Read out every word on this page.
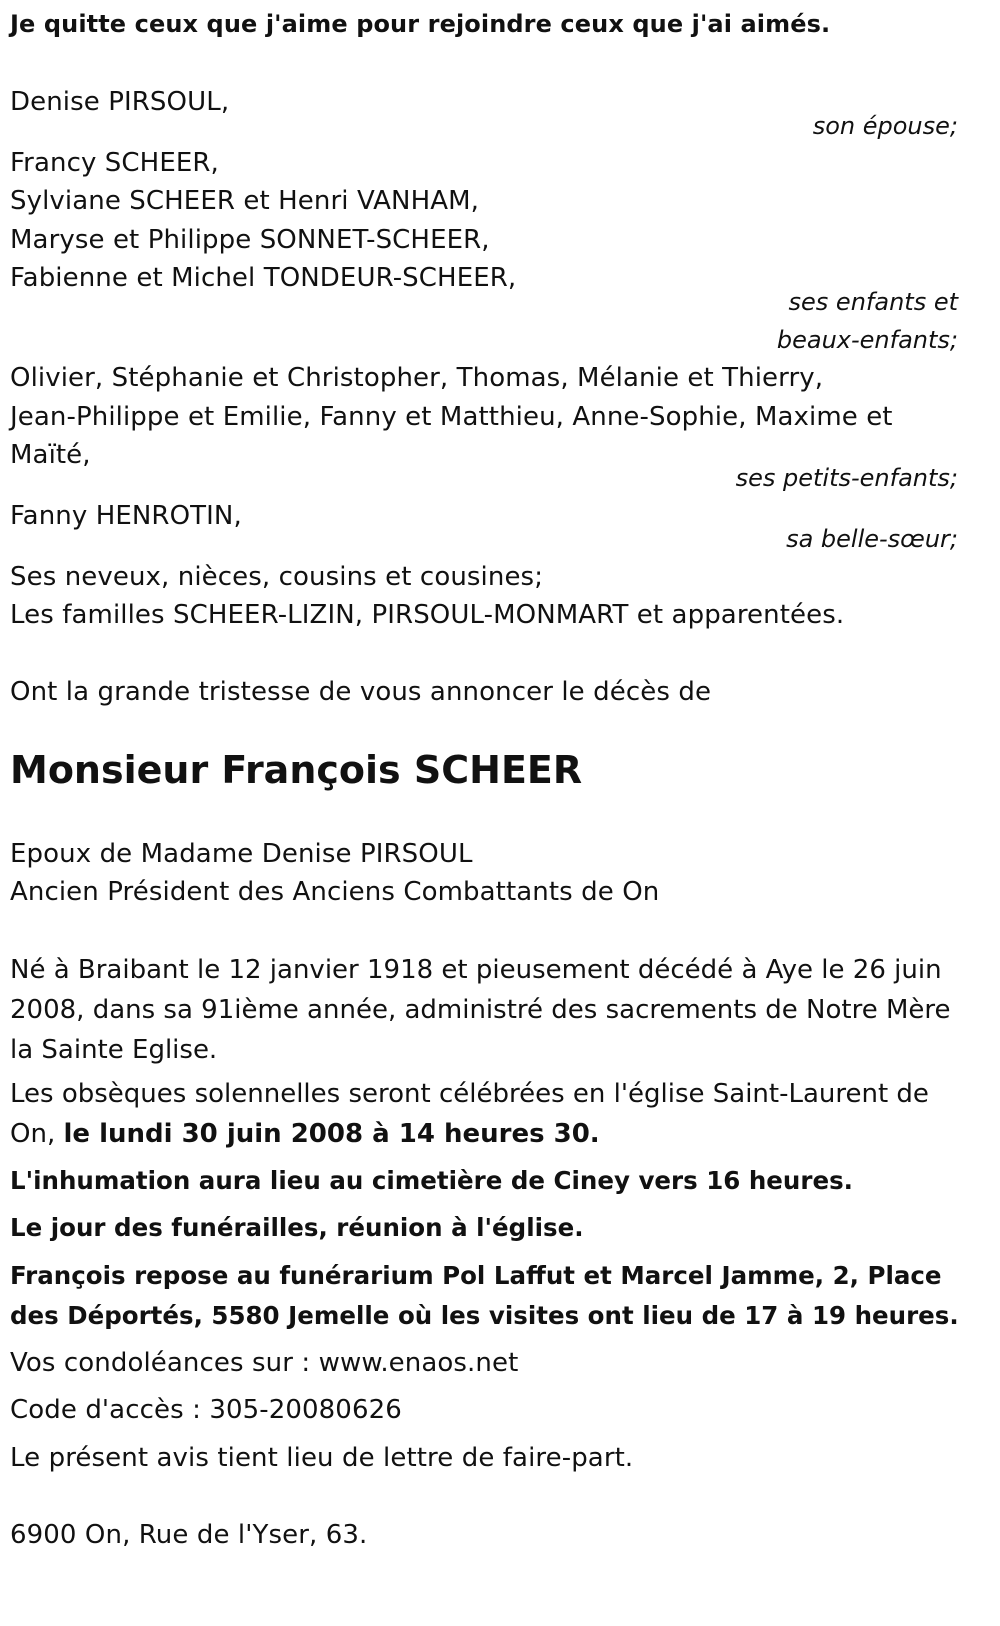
Je quitte ceux que j'aime pour rejoindre ceux que j'ai aimés.
Denise PIRSOUL,
son épouse;
Francy SCHEER,
Sylviane SCHEER et Henri VANHAM,
Maryse et Philippe SONNET-SCHEER,
Fabienne et Michel TONDEUR-SCHEER,
ses enfants et
beaux-enfants;
Olivier, Stéphanie et Christopher, Thomas, Mélanie et Thierry,
Jean-Philippe et Emilie, Fanny et Matthieu, Anne-Sophie, Maxime et
Maïté,
ses petits-enfants;
Fanny HENROTIN,
sa belle-sœur;
Ses neveux, nièces, cousins et cousines;
Les familles SCHEER-LIZIN, PIRSOUL-MONMART et apparentées.
Ont la grande tristesse de vous annoncer le décès de
Monsieur François SCHEER
Epoux de Madame Denise PIRSOUL
Ancien Président des Anciens Combattants de On
Né à Braibant le 12 janvier 1918 et pieusement décédé à Aye le 26 juin 2008, dans sa 91ième année, administré des sacrements de Notre Mère la Sainte Eglise.
Les obsèques solennelles seront célébrées en l'église Saint-Laurent de On, le lundi 30 juin 2008 à 14 heures 30.
L'inhumation aura lieu au cimetière de Ciney vers 16 heures.
Le jour des funérailles, réunion à l'église.
François repose au funérarium Pol Laffut et Marcel Jamme, 2, Place des Déportés, 5580 Jemelle où les visites ont lieu de 17 à 19 heures.
Vos condoléances sur : www.enaos.net
Code d'accès : 305-20080626
Le présent avis tient lieu de lettre de faire-part.
6900 On, Rue de l'Yser, 63.
